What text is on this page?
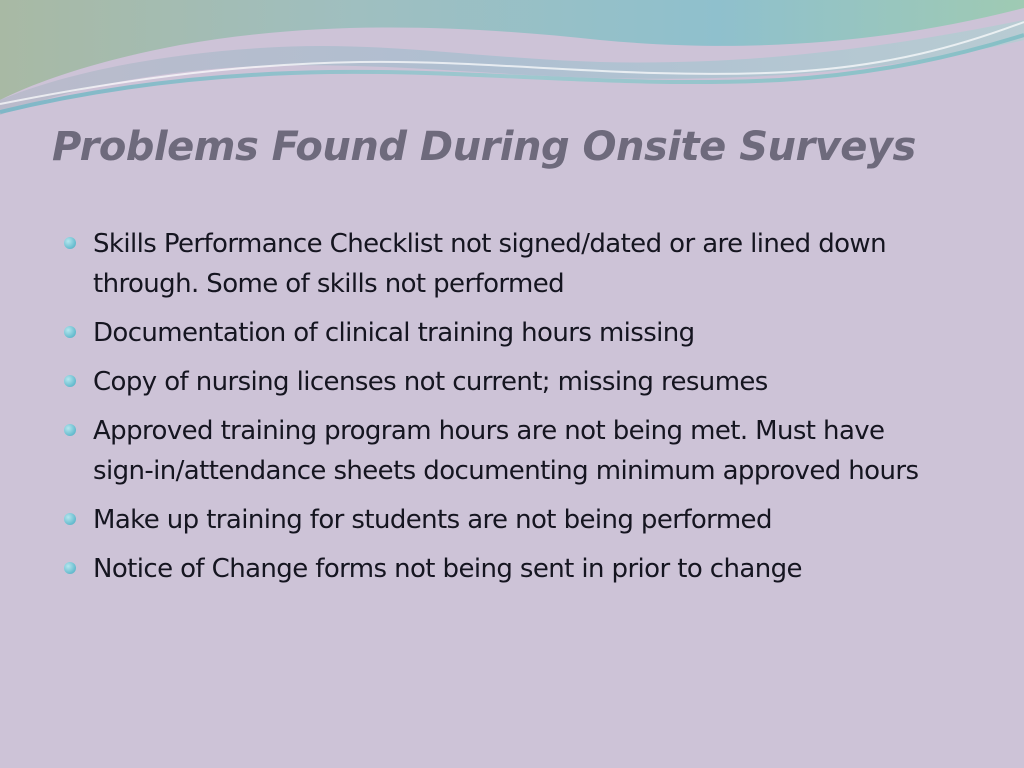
Problems Found During Onsite Surveys
Skills Performance Checklist not signed/dated or are lined down through. Some of skills not performed
Documentation of clinical training hours missing
Copy of nursing licenses not current; missing resumes
Approved training program hours are not being met. Must have sign-in/attendance sheets documenting minimum approved hours
Make up training for students are not being performed
Notice of Change forms not being sent in prior to change
